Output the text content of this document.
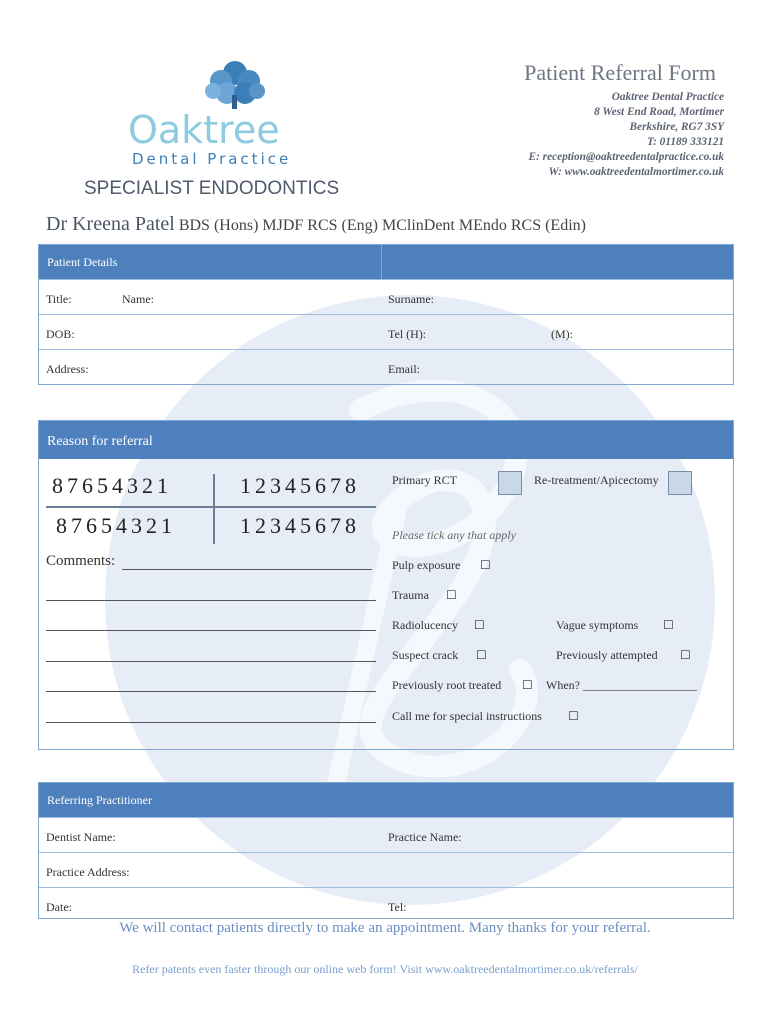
Oaktree
Dental Practice
SPECIALIST ENDODONTICS
Patient Referral Form
Oaktree Dental Practice
8 West End Road, Mortimer
Berkshire, RG7 3SY
T: 01189 333121
E: reception@oaktreedentalpractice.co.uk
W: www.oaktreedentalmortimer.co.uk
Dr Kreena Patel BDS (Hons) MJDF RCS (Eng) MClinDent MEndo RCS (Edin)
Patient Details
Title:	Name:	Surname:
DOB:	Tel (H):	(M):
Address:	Email:
Reason for referral
87654321	12345678
87654321	12345678
Comments:
Primary RCT	Re-treatment/Apicectomy
Please tick any that apply
Pulp exposure ☐
Trauma ☐
Radiolucency ☐	Vague symptoms ☐
Suspect crack ☐	Previously attempted ☐
Previously root treated ☐ When? ___________________
Call me for special instructions ☐
Referring Practitioner
Dentist Name:	Practice Name:
Practice Address:
Date:	Tel:
We will contact patients directly to make an appointment. Many thanks for your referral.
Refer patents even faster through our online web form! Visit www.oaktreedentalmortimer.co.uk/referrals/
